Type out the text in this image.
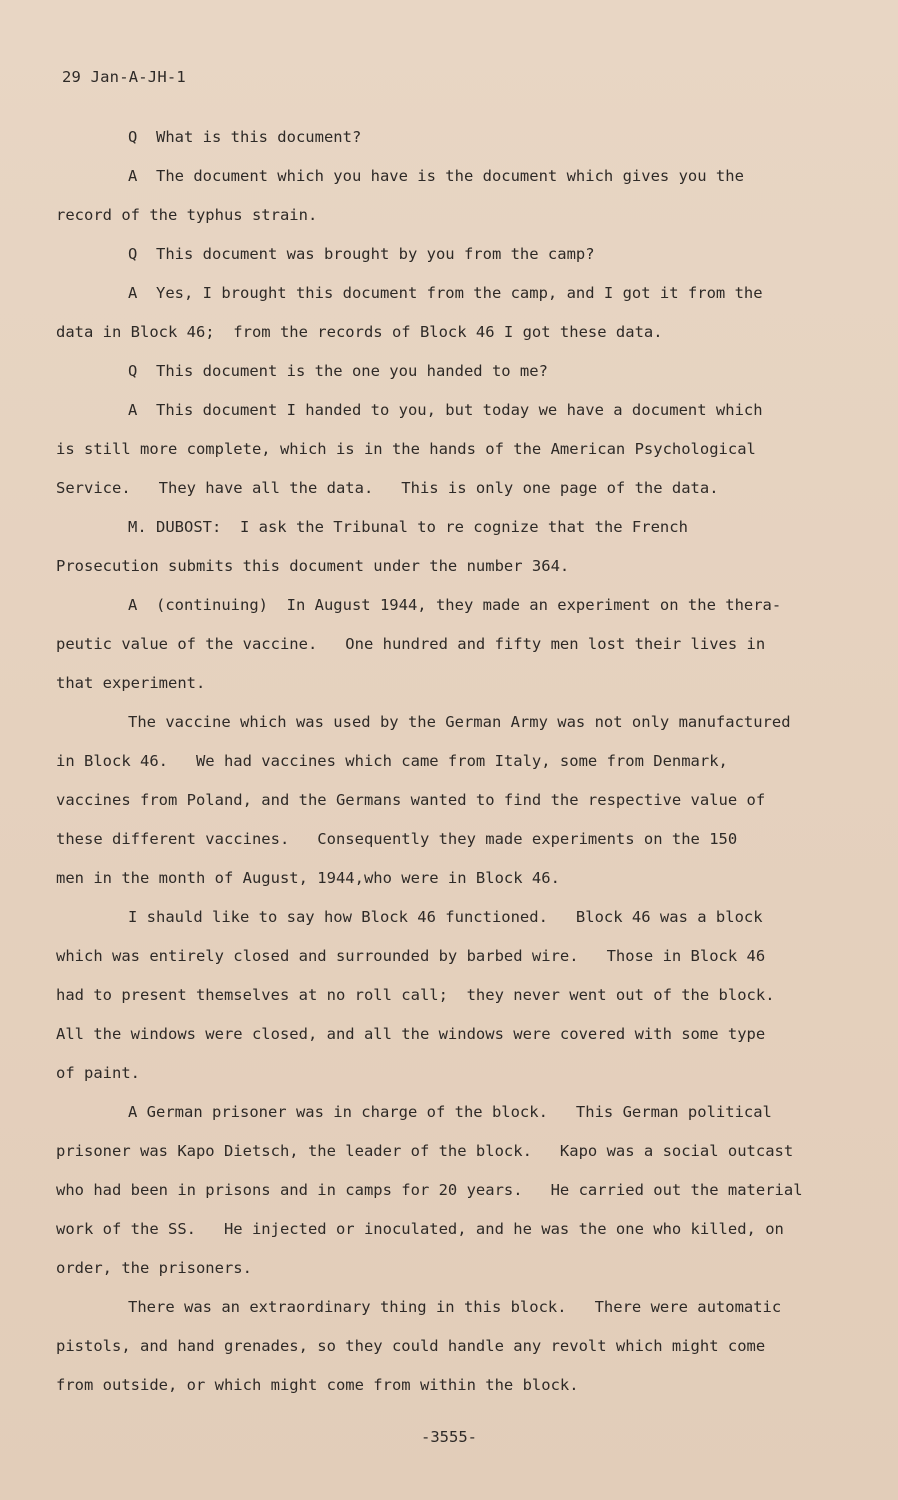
29 Jan-A-JH-1
Q  What is this document?
A  The document which you have is the document which gives you the
record of the typhus strain.
Q  This document was brought by you from the camp?
A  Yes, I brought this document from the camp, and I got it from the
data in Block 46;  from the records of Block 46 I got these data.
Q  This document is the one you handed to me?
A  This document I handed to you, but today we have a document which
is still more complete, which is in the hands of the American Psychological
Service.   They have all the data.   This is only one page of the data.
M. DUBOST:  I ask the Tribunal to re cognize that the French
Prosecution submits this document under the number 364.
A  (continuing)  In August 1944, they made an experiment on the thera-
peutic value of the vaccine.   One hundred and fifty men lost their lives in
that experiment.
The vaccine which was used by the German Army was not only manufactured
in Block 46.   We had vaccines which came from Italy, some from Denmark,
vaccines from Poland, and the Germans wanted to find the respective value of
these different vaccines.   Consequently they made experiments on the 150
men in the month of August, 1944,who were in Block 46.
I shauld like to say how Block 46 functioned.   Block 46 was a block
which was entirely closed and surrounded by barbed wire.   Those in Block 46
had to present themselves at no roll call;  they never went out of the block.
All the windows were closed, and all the windows were covered with some type
of paint.
A German prisoner was in charge of the block.   This German political
prisoner was Kapo Dietsch, the leader of the block.   Kapo was a social outcast
who had been in prisons and in camps for 20 years.   He carried out the material
work of the SS.   He injected or inoculated, and he was the one who killed, on
order, the prisoners.
There was an extraordinary thing in this block.   There were automatic
pistols, and hand grenades, so they could handle any revolt which might come
from outside, or which might come from within the block.
-3555-
